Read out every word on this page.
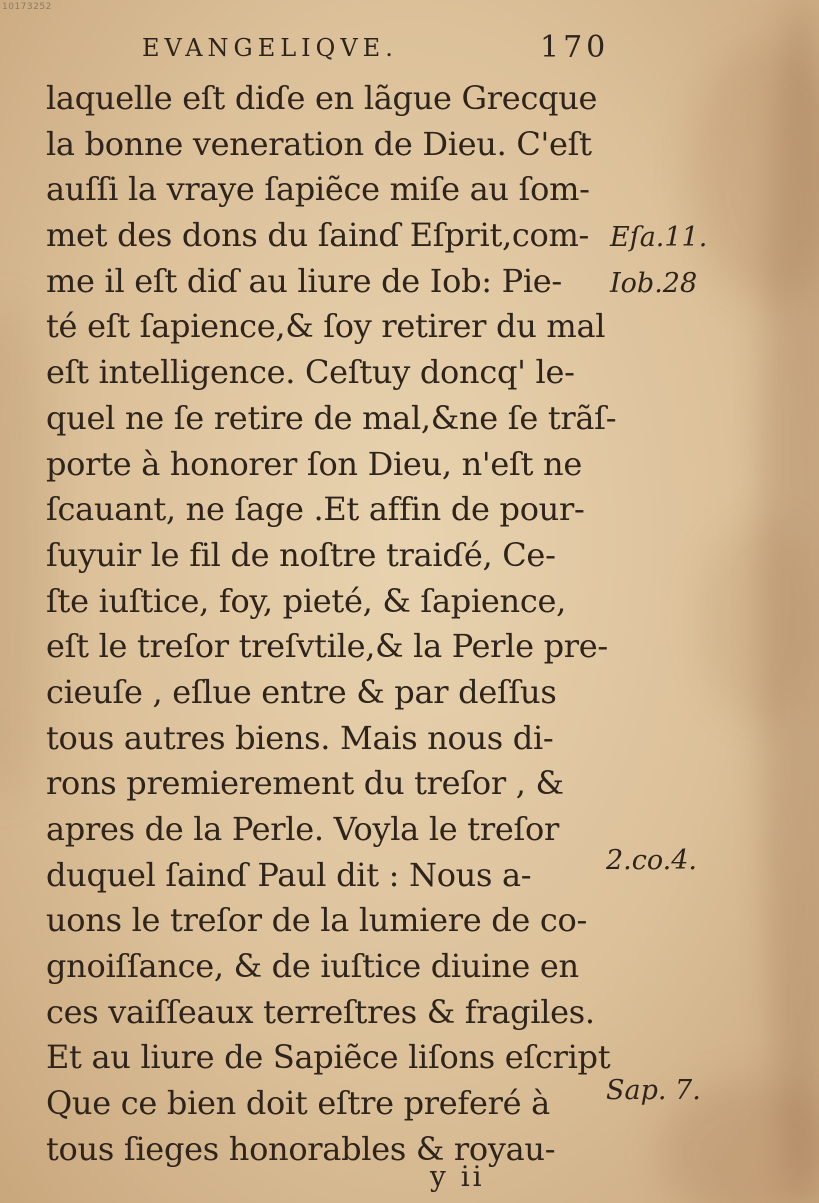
10173252
EVANGELIQVE.	170
laquelle eſt diɗe en lãgue Grecque
la bonne veneration de Dieu. C'eſt
auſſi la vraye ſapiẽce miſe au ſom-
met des dons du ſainɗ Eſprit,com-
me il eſt diɗ au liure de Iob: Pie-
té eſt ſapience,& ſoy retirer du mal
eſt intelligence. Ceſtuy doncq' le-
quel ne ſe retire de mal,&ne ſe trãſ-
porte à honorer ſon Dieu, n'eſt ne
ſcauant, ne ſage .Et affin de pour-
ſuyuir le fil de noſtre traiɗé, Ce-
ſte iuſtice, foy, pieté, & ſapience,
eſt le treſor treſvtile,& la Perle pre-
cieuſe , eſlue entre & par deſſus
tous autres biens. Mais nous di-
rons premierement du treſor , &
apres de la Perle. Voyla le treſor
duquel ſainɗ Paul dit : Nous a-
uons le treſor de la lumiere de co-
gnoiſſance, & de iuſtice diuine en
ces vaiſſeaux terreſtres & fragiles.
Et au liure de Sapiẽce liſons eſcript
Que ce bien doit eſtre preferé à
tous ſieges honorables & royau-
Eſa.11.
Iob.28
2.co.4.
Sap. 7.
y ii
